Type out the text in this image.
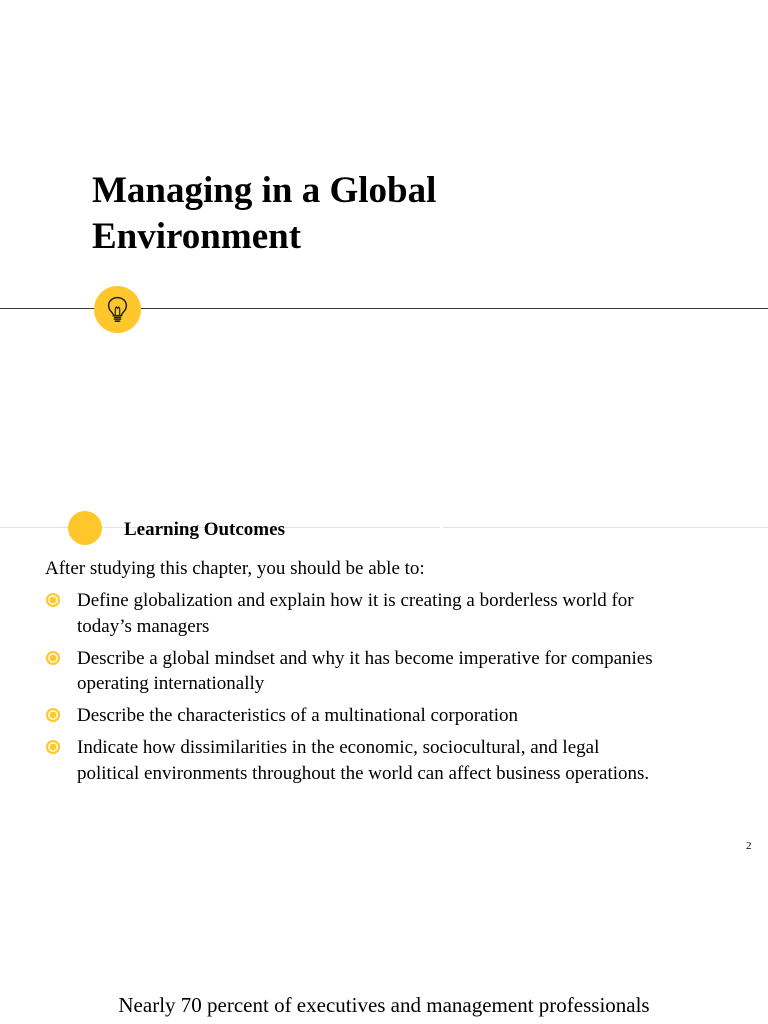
Managing in a Global
Environment
Learning Outcomes

After studying this chapter, you should be able to:

Define globalization and explain how it is creating a borderless world for
today’s managers
Describe a global mindset and why it has become imperative for companies
operating internationally
Describe the characteristics of a multinational corporation
Indicate how dissimilarities in the economic, sociocultural, and legal
political environments throughout the world can affect business operations.
2

Nearly 70 percent of executives and management professionals
